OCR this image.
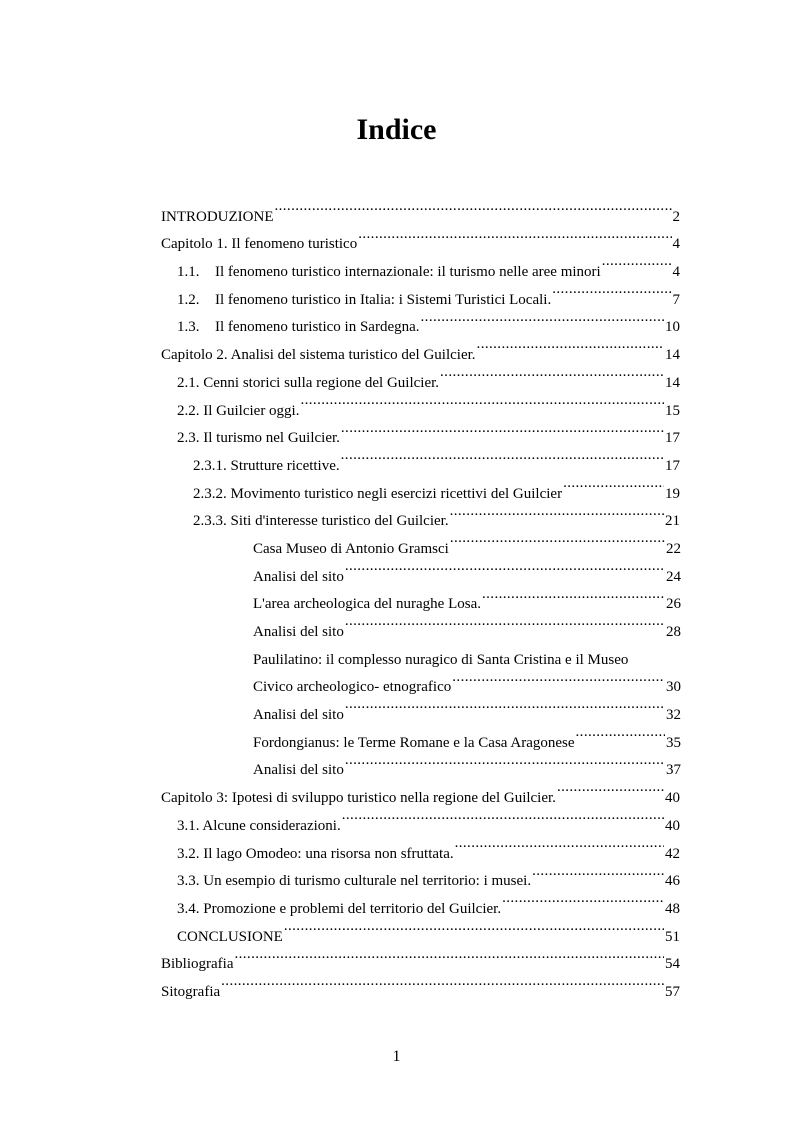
Indice
INTRODUZIONE .....	2
Capitolo 1. Il fenomeno turistico .....	4
1.1. Il fenomeno turistico internazionale: il turismo nelle aree minori .....	4
1.2. Il fenomeno turistico in Italia: i Sistemi Turistici Locali. .....	7
1.3. Il fenomeno turistico in Sardegna. .....	10
Capitolo 2. Analisi del sistema turistico del Guilcier. .....	14
2.1. Cenni storici sulla regione del Guilcier. .....	14
2.2. Il Guilcier oggi. .....	15
2.3. Il turismo nel Guilcier. .....	17
2.3.1. Strutture ricettive. .....	17
2.3.2. Movimento turistico negli esercizi ricettivi del Guilcier .....	19
2.3.3. Siti d'interesse turistico del Guilcier. .....	21
Casa Museo di Antonio Gramsci .....	22
Analisi del sito .....	24
L'area archeologica del nuraghe Losa. .....	26
Analisi del sito .....	28
Paulilatino: il complesso nuragico di Santa Cristina e il Museo
Civico archeologico- etnografico .....	30
Analisi del sito .....	32
Fordongianus: le Terme Romane e la Casa Aragonese .....	35
Analisi del sito .....	37
Capitolo 3: Ipotesi di sviluppo turistico nella regione del Guilcier. .....	40
3.1. Alcune considerazioni. .....	40
3.2. Il lago Omodeo: una risorsa non sfruttata. .....	42
3.3. Un esempio di turismo culturale nel territorio: i musei. .....	46
3.4. Promozione e problemi del territorio del Guilcier. .....	48
CONCLUSIONE .....	51
Bibliografia .....	54
Sitografia .....	57
1
